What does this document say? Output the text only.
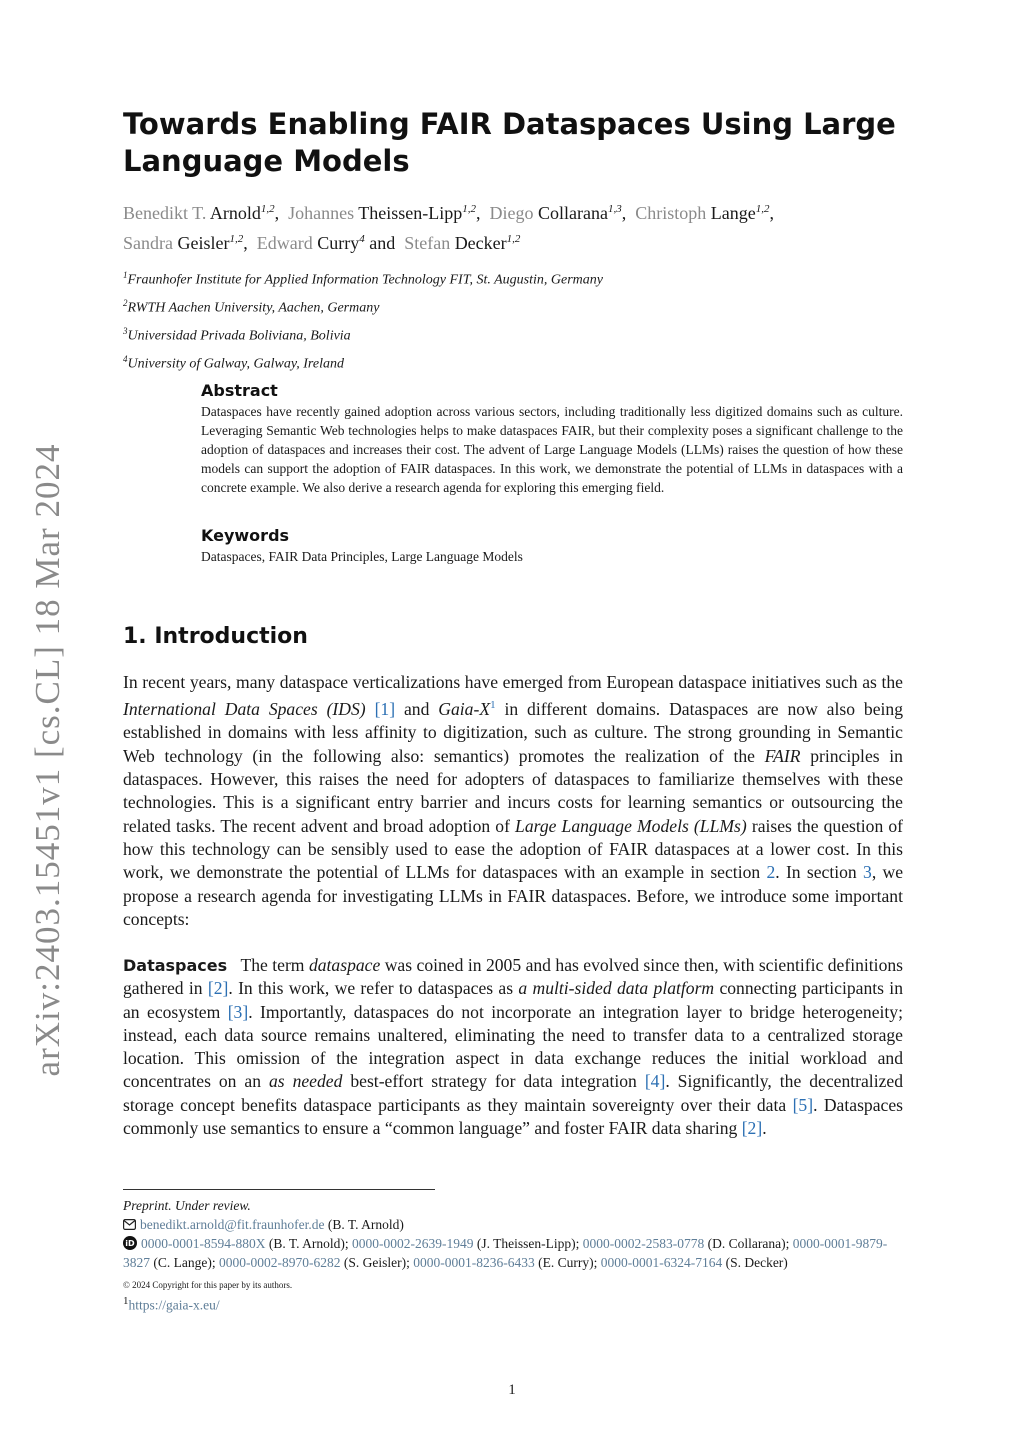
arXiv:2403.15451v1 [cs.CL] 18 Mar 2024
Towards Enabling FAIR Dataspaces Using Large Language Models
Benedikt T. Arnold$^{1,2}$,  Johannes Theissen-Lipp$^{1,2}$,  Diego Collarana$^{1,3}$,  Christoph Lange$^{1,2}$,
Sandra Geisler$^{1,2}$,  Edward Curry$^4$ and Stefan Decker$^{1,2}$
$^1$Fraunhofer Institute for Applied Information Technology FIT, St. Augustin, Germany
$^2$RWTH Aachen University, Aachen, Germany
$^3$Universidad Privada Boliviana, Bolivia
$^4$University of Galway, Galway, Ireland
Abstract
Dataspaces have recently gained adoption across various sectors, including traditionally less digitized domains such as culture. Leveraging Semantic Web technologies helps to make dataspaces FAIR, but their complexity poses a significant challenge to the adoption of dataspaces and increases their cost. The advent of Large Language Models (LLMs) raises the question of how these models can support the adoption of FAIR dataspaces. In this work, we demonstrate the potential of LLMs in dataspaces with a concrete example. We also derive a research agenda for exploring this emerging field.
Keywords
Dataspaces, FAIR Data Principles, Large Language Models
1. Introduction
In recent years, many dataspace verticalizations have emerged from European dataspace initiatives such as the International Data Spaces (IDS) [1] and Gaia-$X^1$ in different domains. Dataspaces are now also being established in domains with less affinity to digitization, such as culture. The strong grounding in Semantic Web technology (in the following also: semantics) promotes the realization of the FAIR principles in dataspaces. However, this raises the need for adopters of dataspaces to familiarize themselves with these technologies. This is a significant entry barrier and incurs costs for learning semantics or outsourcing the related tasks. The recent advent and broad adoption of Large Language Models (LLMs) raises the question of how this technology can be sensibly used to ease the adoption of FAIR dataspaces at a lower cost. In this work, we demonstrate the potential of LLMs for dataspaces with an example in section 2. In section 3, we propose a research agenda for investigating LLMs in FAIR dataspaces. Before, we introduce some important concepts:
Dataspaces The term dataspace was coined in 2005 and has evolved since then, with scientific definitions gathered in [2]. In this work, we refer to dataspaces as a multi-sided data platform connecting participants in an ecosystem [3]. Importantly, dataspaces do not incorporate an integration layer to bridge heterogeneity; instead, each data source remains unaltered, eliminating the need to transfer data to a centralized storage location. This omission of the integration aspect in data exchange reduces the initial workload and concentrates on an as needed best-effort strategy for data integration [4]. Significantly, the decentralized storage concept benefits dataspace participants as they maintain sovereignty over their data [5]. Dataspaces commonly use semantics to ensure a “common language” and foster FAIR data sharing [2].
Preprint. Under review.
benedikt.arnold@fit.fraunhofer.de (B. T. Arnold)
iD 0000-0001-8594-880X (B. T. Arnold); 0000-0002-2639-1949 (J. Theissen-Lipp); 0000-0002-2583-0778 (D. Collarana); 0000-0001-9879-3827 (C. Lange); 0000-0002-8970-6282 (S. Geisler); 0000-0001-8236-6433 (E. Curry); 0000-0001-6324-7164 (S. Decker)
© 2024 Copyright for this paper by its authors.
$^1$https://gaia-x.eu/
1
